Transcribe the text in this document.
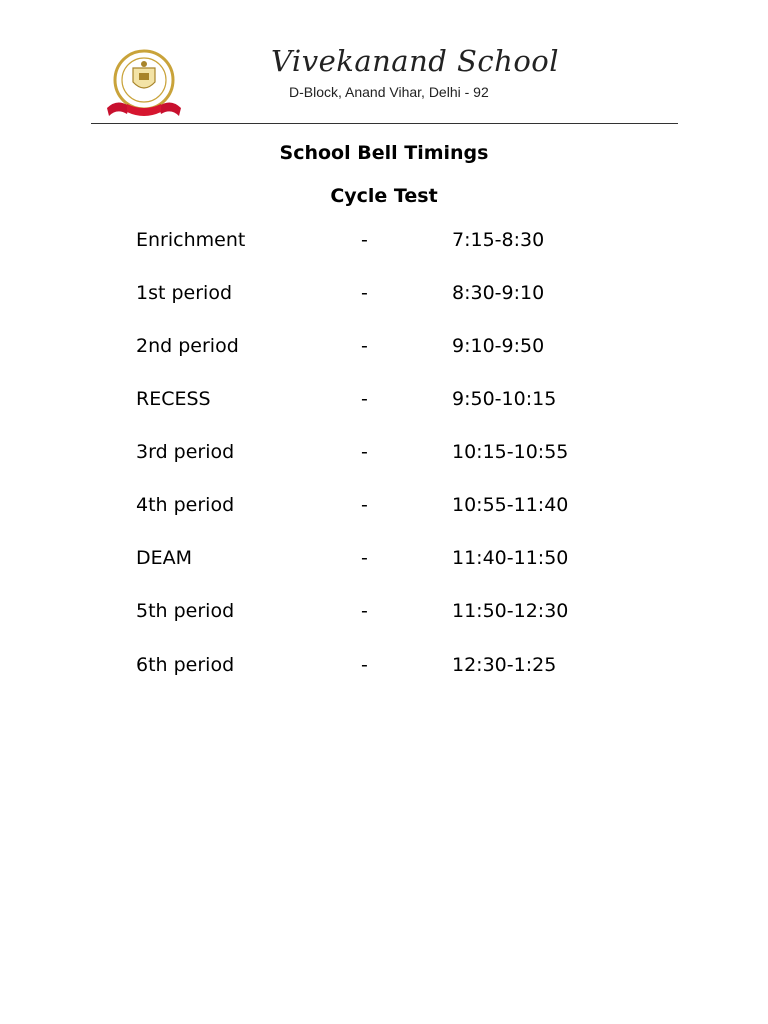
Vivekanand School
D-Block, Anand Vihar, Delhi - 92
School Bell Timings
Cycle Test
Enrichment	-	7:15-8:30
1st period	-	8:30-9:10
2nd period	-	9:10-9:50
RECESS	-	9:50-10:15
3rd period	-	10:15-10:55
4th period	-	10:55-11:40
DEAM	-	11:40-11:50
5th period	-	11:50-12:30
6th period	-	12:30-1:25
